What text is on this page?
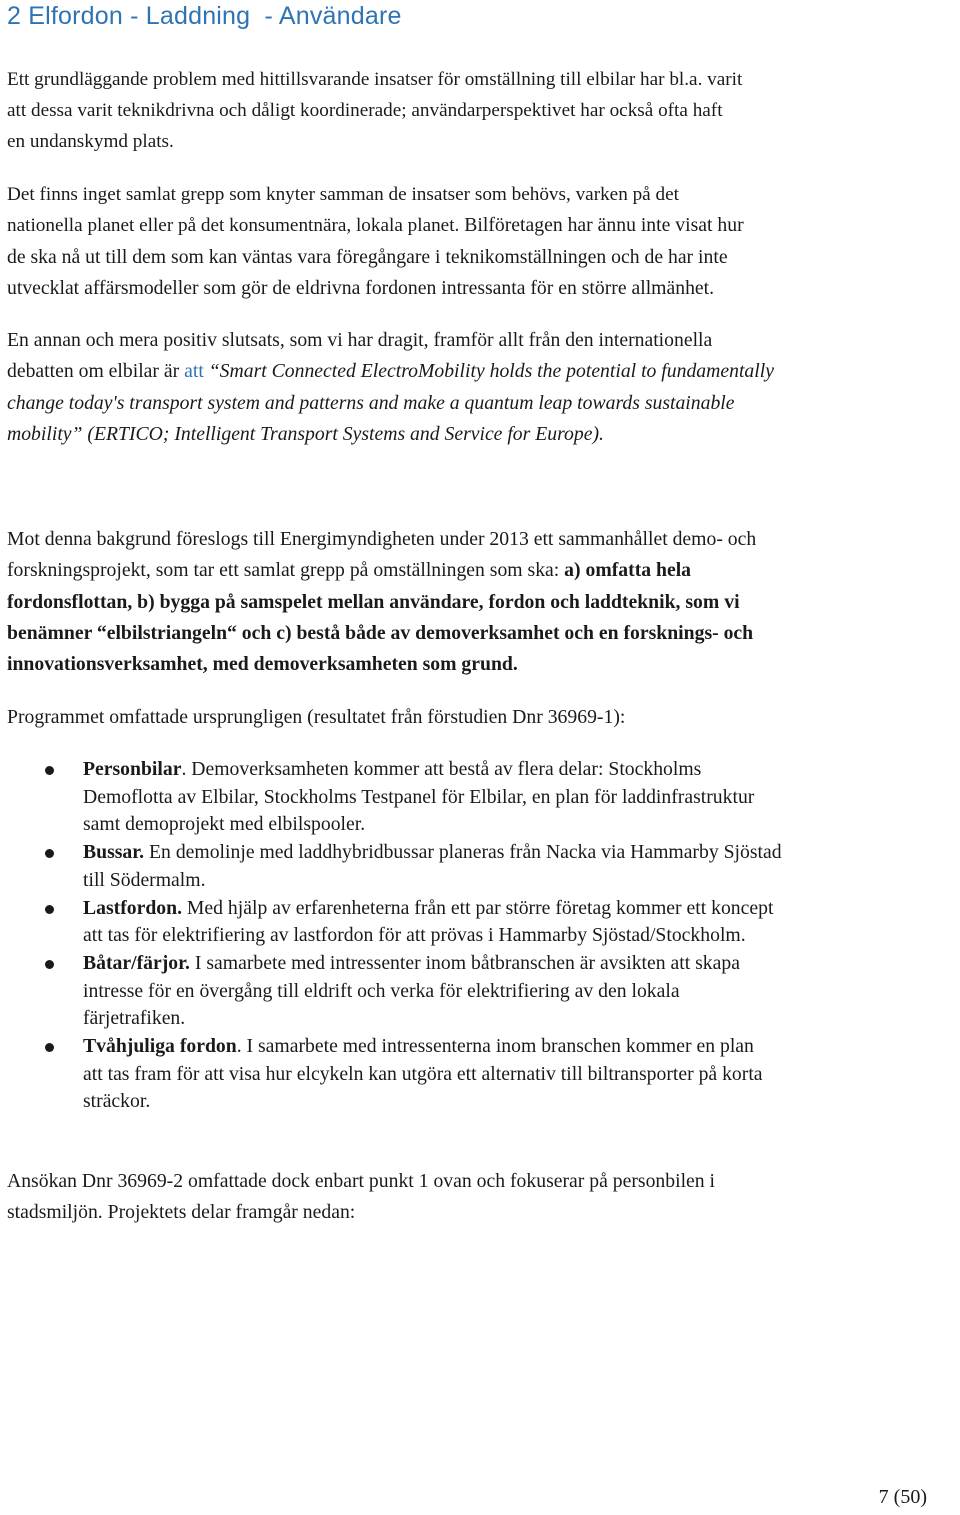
2 Elfordon - Laddning  - Användare

Ett grundläggande problem med hittillsvarande insatser för omställning till elbilar har bl.a. varit
att dessa varit teknikdrivna och dåligt koordinerade; användarperspektivet har också ofta haft
en undanskymd plats.

Det finns inget samlat grepp som knyter samman de insatser som behövs, varken på det
nationella planet eller på det konsumentnära, lokala planet. Bilföretagen har ännu inte visat hur

de ska nå ut till dem som kan väntas vara föregångare i teknikomställningen och de har inte
utvecklat affärsmodeller som gör de eldrivna fordonen intressanta för en större allmänhet.

En annan och mera positiv slutsats, som vi har dragit, framför allt från den internationella
debatten om elbilar är att “Smart Connected ElectroMobility holds the potential to fundamentally
change today's transport system and patterns and make a quantum leap towards sustainable
mobility” (ERTICO; Intelligent Transport Systems and Service for Europe).

Mot denna bakgrund föreslogs till Energimyndigheten under 2013 ett sammanhållet demo- och
forskningsprojekt, som tar ett samlat grepp på omställningen som ska: a) omfatta hela
fordonsflottan, b) bygga på samspelet mellan användare, fordon och laddteknik, som vi
benämner “elbilstriangeln“ och c) bestå både av demoverksamhet och en forsknings- och
innovationsverksamhet, med demoverksamheten som grund.

Programmet omfattade ursprungligen (resultatet från förstudien Dnr 36969-1):

Personbilar. Demoverksamheten kommer att bestå av flera delar: Stockholms
Demoflotta av Elbilar, Stockholms Testpanel för Elbilar, en plan för laddinfrastruktur
samt demoprojekt med elbilspooler.
Bussar. En demolinje med laddhybridbussar planeras från Nacka via Hammarby Sjöstad
till Södermalm.
Lastfordon. Med hjälp av erfarenheterna från ett par större företag kommer ett koncept
att tas för elektrifiering av lastfordon för att prövas i Hammarby Sjöstad/Stockholm.
Båtar/färjor. I samarbete med intressenter inom båtbranschen är avsikten att skapa
intresse för en övergång till eldrift och verka för elektrifiering av den lokala
färjetrafiken.
Tvåhjuliga fordon. I samarbete med intressenterna inom branschen kommer en plan
att tas fram för att visa hur elcykeln kan utgöra ett alternativ till biltransporter på korta
sträckor.

Ansökan Dnr 36969-2 omfattade dock enbart punkt 1 ovan och fokuserar på personbilen i
stadsmiljön. Projektets delar framgår nedan:

7 (50)
